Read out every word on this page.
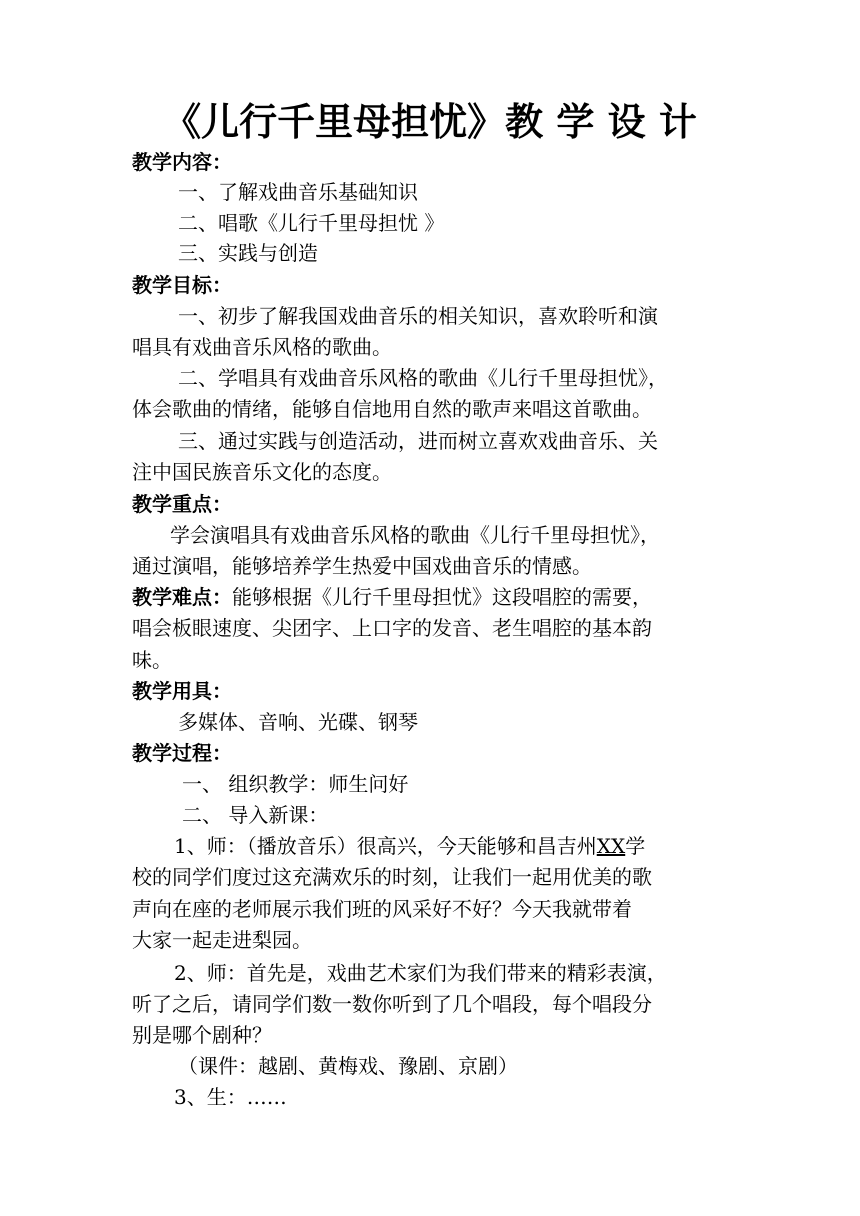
《儿行千里母担忧》教 学 设 计
教学内容：
一、了解戏曲音乐基础知识
二、唱歌《儿行千里母担忧 》
三、实践与创造
教学目标：
一、初步了解我国戏曲音乐的相关知识，喜欢聆听和演
唱具有戏曲音乐风格的歌曲。
二、学唱具有戏曲音乐风格的歌曲《儿行千里母担忧》，
体会歌曲的情绪，能够自信地用自然的歌声来唱这首歌曲。
三、通过实践与创造活动，进而树立喜欢戏曲音乐、关
注中国民族音乐文化的态度。
教学重点：
学会演唱具有戏曲音乐风格的歌曲《儿行千里母担忧》，
通过演唱，能够培养学生热爱中国戏曲音乐的情感。
教学难点：能够根据《儿行千里母担忧》这段唱腔的需要，
唱会板眼速度、尖团字、上口字的发音、老生唱腔的基本韵
味。
教学用具：
多媒体、音响、光碟、钢琴
教学过程：
一、 组织教学：师生问好
二、 导入新课：
1、师：（播放音乐）很高兴，今天能够和昌吉州XX学
校的同学们度过这充满欢乐的时刻，让我们一起用优美的歌
声向在座的老师展示我们班的风采好不好？今天我就带着
大家一起走进梨园。
2、师：首先是，戏曲艺术家们为我们带来的精彩表演，
听了之后，请同学们数一数你听到了几个唱段，每个唱段分
别是哪个剧种？
（课件：越剧、黄梅戏、豫剧、京剧）
3、生：……
